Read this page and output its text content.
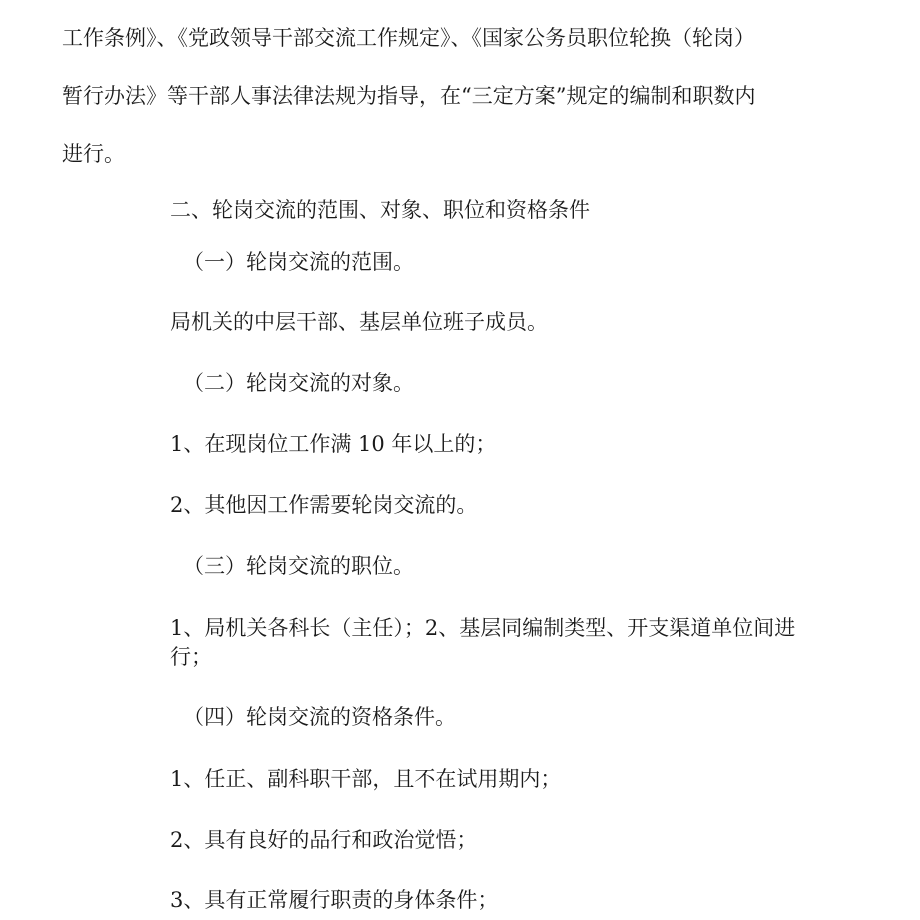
工作条例》、《党政领导干部交流工作规定》、《国家公务员职位轮换（轮岗）
暂行办法》等干部人事法律法规为指导，在“三定方案”规定的编制和职数内
进行。
二、轮岗交流的范围、对象、职位和资格条件
（一）轮岗交流的范围。
局机关的中层干部、基层单位班子成员。
（二）轮岗交流的对象。
1、在现岗位工作满 10 年以上的；
2、其他因工作需要轮岗交流的。
（三）轮岗交流的职位。
1、局机关各科长（主任）；2、基层同编制类型、开支渠道单位间进行；
（四）轮岗交流的资格条件。
1、任正、副科职干部，且不在试用期内；
2、具有良好的品行和政治觉悟；
3、具有正常履行职责的身体条件；
